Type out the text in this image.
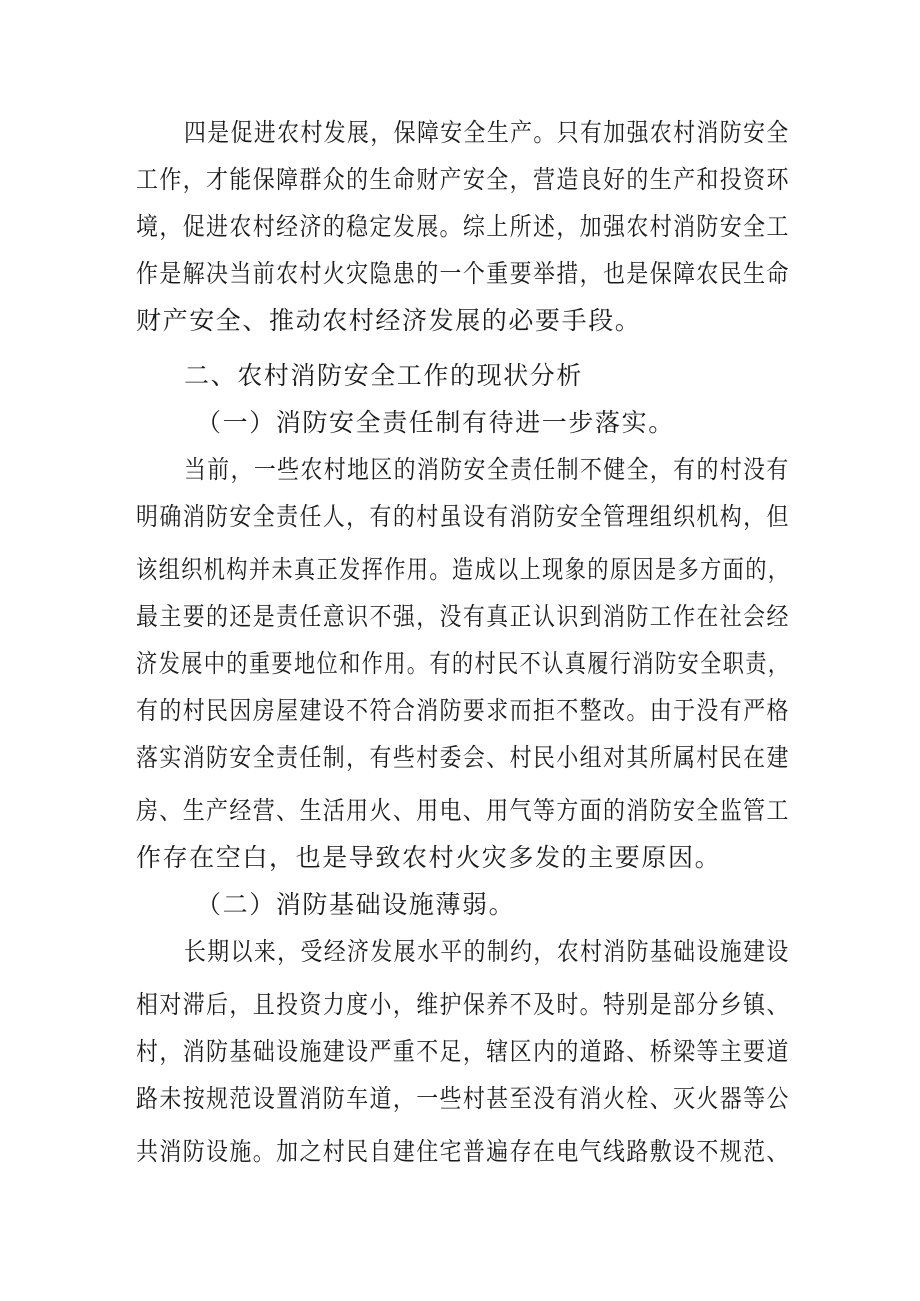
四是促进农村发展，保障安全生产。只有加强农村消防安全
工作，才能保障群众的生命财产安全，营造良好的生产和投资环
境，促进农村经济的稳定发展。综上所述，加强农村消防安全工
作是解决当前农村火灾隐患的一个重要举措，也是保障农民生命
财产安全、推动农村经济发展的必要手段。
二、农村消防安全工作的现状分析
（一）消防安全责任制有待进一步落实。
当前，一些农村地区的消防安全责任制不健全，有的村没有
明确消防安全责任人，有的村虽设有消防安全管理组织机构，但
该组织机构并未真正发挥作用。造成以上现象的原因是多方面的，
最主要的还是责任意识不强，没有真正认识到消防工作在社会经
济发展中的重要地位和作用。有的村民不认真履行消防安全职责，
有的村民因房屋建设不符合消防要求而拒不整改。由于没有严格
落实消防安全责任制，有些村委会、村民小组对其所属村民在建
房、生产经营、生活用火、用电、用气等方面的消防安全监管工
作存在空白，也是导致农村火灾多发的主要原因。
（二）消防基础设施薄弱。
长期以来，受经济发展水平的制约，农村消防基础设施建设
相对滞后，且投资力度小，维护保养不及时。特别是部分乡镇、
村，消防基础设施建设严重不足，辖区内的道路、桥梁等主要道
路未按规范设置消防车道，一些村甚至没有消火栓、灭火器等公
共消防设施。加之村民自建住宅普遍存在电气线路敷设不规范、
